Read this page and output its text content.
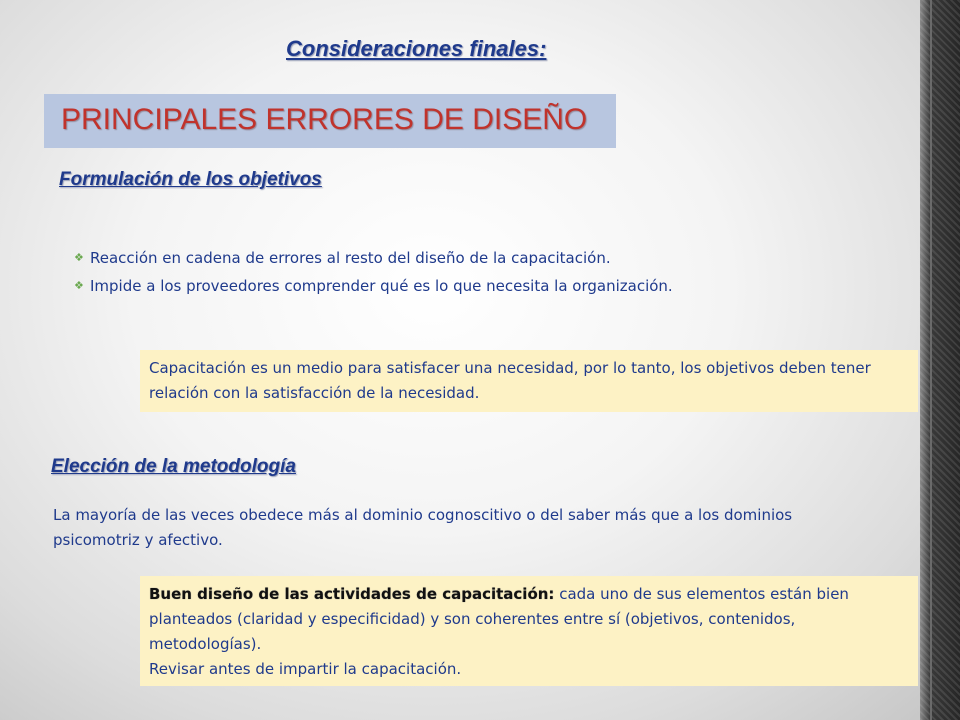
Consideraciones finales:
PRINCIPALES ERRORES DE DISEÑO
Formulación de los objetivos
❖ Reacción en cadena de errores al resto del diseño de la capacitación.
❖ Impide a los proveedores comprender qué es lo que necesita la organización.
Capacitación es un medio para satisfacer una necesidad, por lo tanto, los objetivos deben tener relación con la satisfacción de la necesidad.
Elección de la metodología
La mayoría de las veces obedece más al dominio cognoscitivo o del saber más que a los dominios psicomotriz y afectivo.
Buen diseño de las actividades de capacitación: cada uno de sus elementos están bien planteados (claridad y especificidad) y son coherentes entre sí (objetivos, contenidos, metodologías).
Revisar antes de impartir la capacitación.
